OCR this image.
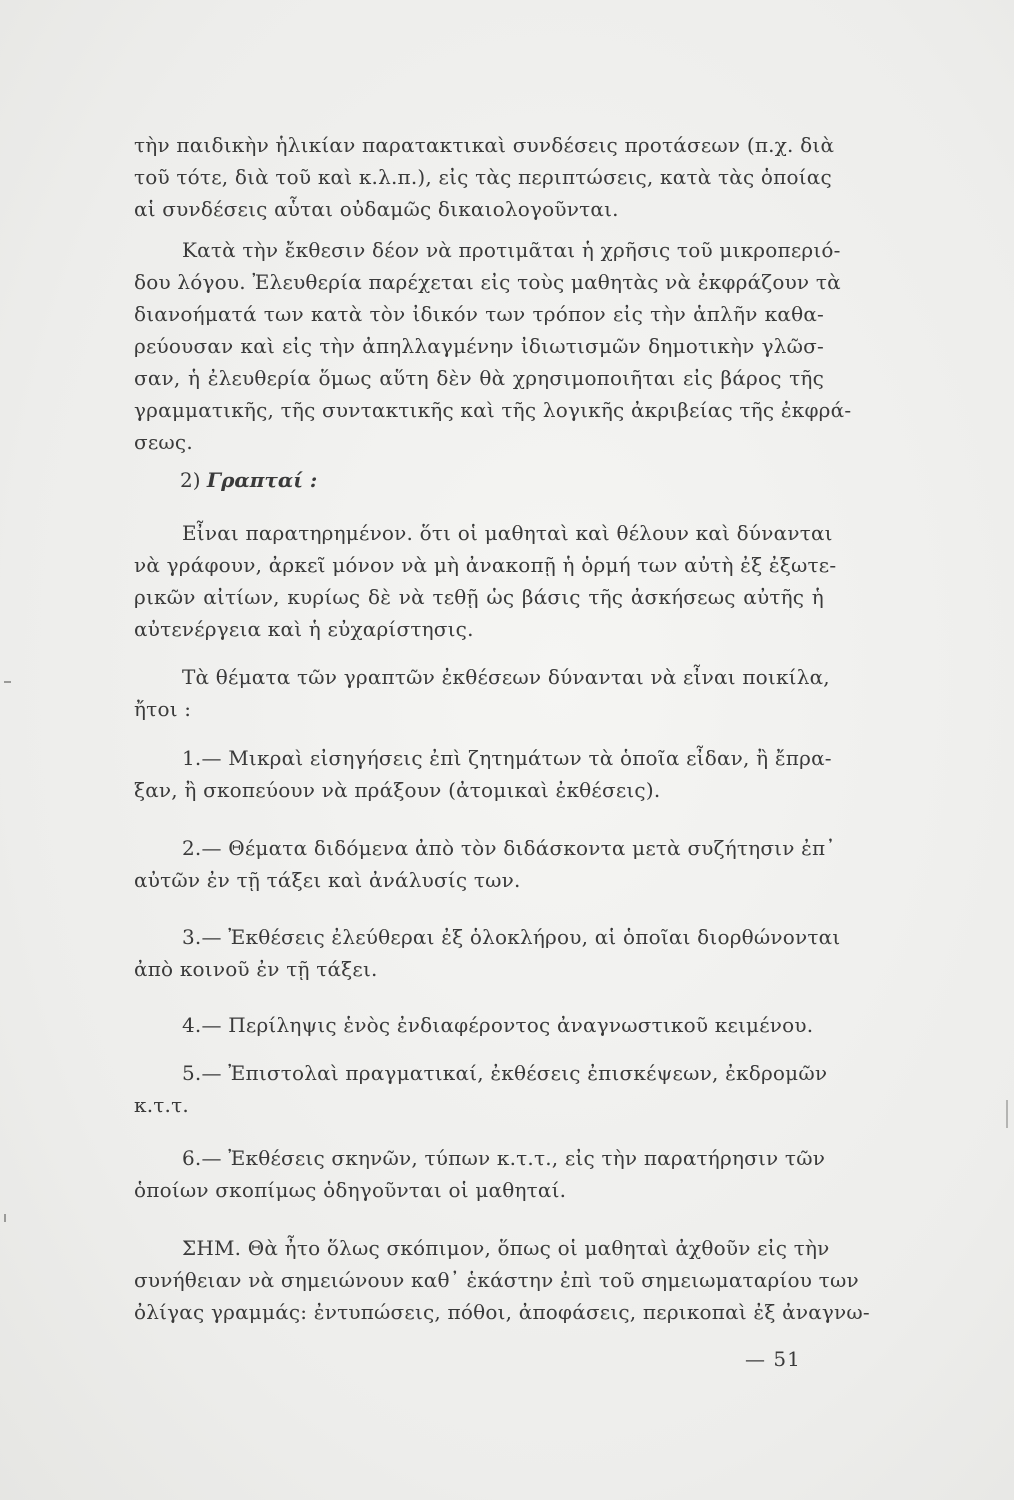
τὴν παιδικὴν ἡλικίαν παρατακτικαὶ συνδέσεις προτάσεων (π.χ. διὰ
τοῦ τότε, διὰ τοῦ καὶ κ.λ.π.), εἰς τὰς περιπτώσεις, κατὰ τὰς ὁποίας
αἱ συνδέσεις αὗται οὐδαμῶς δικαιολογοῦνται.
Κατὰ τὴν ἔκθεσιν δέον νὰ προτιμᾶται ἡ χρῆσις τοῦ μικροπεριό-
δου λόγου. Ἐλευθερία παρέχεται εἰς τοὺς μαθητὰς νὰ ἐκφράζουν τὰ
διανοήματά των κατὰ τὸν ἰδικόν των τρόπον εἰς τὴν ἁπλῆν καθα-
ρεύουσαν καὶ εἰς τὴν ἀπηλλαγμένην ἰδιωτισμῶν δημοτικὴν γλῶσ-
σαν, ἡ ἐλευθερία ὅμως αὕτη δὲν θὰ χρησιμοποιῆται εἰς βάρος τῆς
γραμματικῆς, τῆς συντακτικῆς καὶ τῆς λογικῆς ἀκριβείας τῆς ἐκφρά-
σεως.
2) Γραπταί :
Εἶναι παρατηρημένον. ὅτι οἱ μαθηταὶ καὶ θέλουν καὶ δύνανται
νὰ γράφουν, ἀρκεῖ μόνον νὰ μὴ ἀνακοπῇ ἡ ὁρμή των αὐτὴ ἐξ ἐξωτε-
ρικῶν αἰτίων, κυρίως δὲ νὰ τεθῇ ὡς βάσις τῆς ἀσκήσεως αὐτῆς ἡ
αὐτενέργεια καὶ ἡ εὐχαρίστησις.
Τὰ θέματα τῶν γραπτῶν ἐκθέσεων δύνανται νὰ εἶναι ποικίλα,
ἤτοι :
1.— Μικραὶ εἰσηγήσεις ἐπὶ ζητημάτων τὰ ὁποῖα εἶδαν, ἢ ἔπρα-
ξαν, ἢ σκοπεύουν νὰ πράξουν (ἀτομικαὶ ἐκθέσεις).
2.— Θέματα διδόμενα ἀπὸ τὸν διδάσκοντα μετὰ συζήτησιν ἐπ᾽
αὐτῶν ἐν τῇ τάξει καὶ ἀνάλυσίς των.
3.— Ἐκθέσεις ἐλεύθεραι ἐξ ὁλοκλήρου, αἱ ὁποῖαι διορθώνονται
ἀπὸ κοινοῦ ἐν τῇ τάξει.
4.— Περίληψις ἑνὸς ἐνδιαφέροντος ἀναγνωστικοῦ κειμένου.
5.— Ἐπιστολαὶ πραγματικαί, ἐκθέσεις ἐπισκέψεων, ἐκδρομῶν
κ.τ.τ.
6.— Ἐκθέσεις σκηνῶν, τύπων κ.τ.τ., εἰς τὴν παρατήρησιν τῶν
ὁποίων σκοπίμως ὁδηγοῦνται οἱ μαθηταί.
ΣΗΜ. Θὰ ἦτο ὅλως σκόπιμον, ὅπως οἱ μαθηταὶ ἀχθοῦν εἰς τὴν
συνήθειαν νὰ σημειώνουν καθ᾽ ἑκάστην ἐπὶ τοῦ σημειωματαρίου των
ὀλίγας γραμμάς: ἐντυπώσεις, πόθοι, ἀποφάσεις, περικοπαὶ ἐξ ἀναγνω-
— 51
